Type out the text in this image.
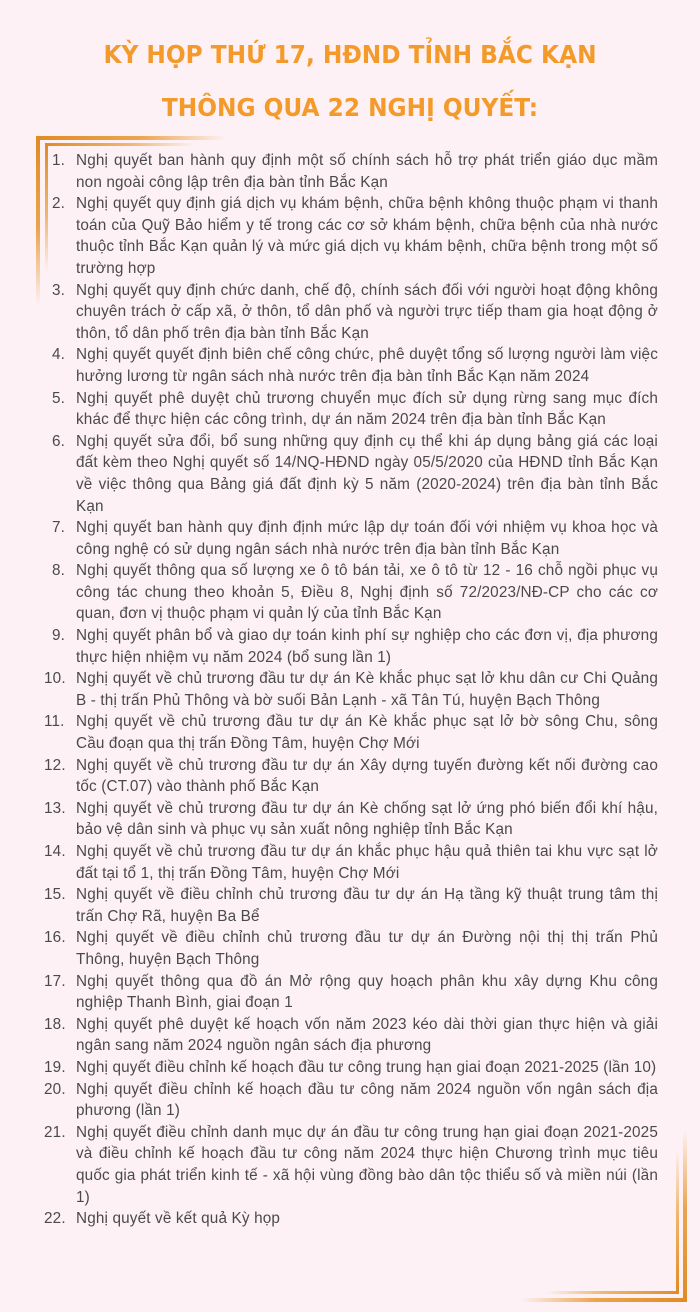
KỲ HỌP THỨ 17, HĐND TỈNH BẮC KẠN
THÔNG QUA 22 NGHỊ QUYẾT:
1. Nghị quyết ban hành quy định một số chính sách hỗ trợ phát triển giáo dục mầm non ngoài công lập trên địa bàn tỉnh Bắc Kạn
2. Nghị quyết quy định giá dịch vụ khám bệnh, chữa bệnh không thuộc phạm vi thanh toán của Quỹ Bảo hiểm y tế trong các cơ sở khám bệnh, chữa bệnh của nhà nước thuộc tỉnh Bắc Kạn quản lý và mức giá dịch vụ khám bệnh, chữa bệnh trong một số trường hợp
3. Nghị quyết quy định chức danh, chế độ, chính sách đối với người hoạt động không chuyên trách ở cấp xã, ở thôn, tổ dân phố và người trực tiếp tham gia hoạt động ở thôn, tổ dân phố trên địa bàn tỉnh Bắc Kạn
4. Nghị quyết quyết định biên chế công chức, phê duyệt tổng số lượng người làm việc hưởng lương từ ngân sách nhà nước trên địa bàn tỉnh Bắc Kạn năm 2024
5. Nghị quyết phê duyệt chủ trương chuyển mục đích sử dụng rừng sang mục đích khác để thực hiện các công trình, dự án năm 2024 trên địa bàn tỉnh Bắc Kạn
6. Nghị quyết sửa đổi, bổ sung những quy định cụ thể khi áp dụng bảng giá các loại đất kèm theo Nghị quyết số 14/NQ-HĐND ngày 05/5/2020 của HĐND tỉnh Bắc Kạn về việc thông qua Bảng giá đất định kỳ 5 năm (2020-2024) trên địa bàn tỉnh Bắc Kạn
7. Nghị quyết ban hành quy định định mức lập dự toán đối với nhiệm vụ khoa học và công nghệ có sử dụng ngân sách nhà nước trên địa bàn tỉnh Bắc Kạn
8. Nghị quyết thông qua số lượng xe ô tô bán tải, xe ô tô từ 12 - 16 chỗ ngồi phục vụ công tác chung theo khoản 5, Điều 8, Nghị định số 72/2023/NĐ-CP cho các cơ quan, đơn vị thuộc phạm vi quản lý của tỉnh Bắc Kạn
9. Nghị quyết phân bổ và giao dự toán kinh phí sự nghiệp cho các đơn vị, địa phương thực hiện nhiệm vụ năm 2024 (bổ sung lần 1)
10. Nghị quyết về chủ trương đầu tư dự án Kè khắc phục sạt lở khu dân cư Chi Quảng B - thị trấn Phủ Thông và bờ suối Bản Lạnh - xã Tân Tú, huyện Bạch Thông
11. Nghị quyết về chủ trương đầu tư dự án Kè khắc phục sạt lở bờ sông Chu, sông Cầu đoạn qua thị trấn Đồng Tâm, huyện Chợ Mới
12. Nghị quyết về chủ trương đầu tư dự án Xây dựng tuyến đường kết nối đường cao tốc (CT.07) vào thành phố Bắc Kạn
13. Nghị quyết về chủ trương đầu tư dự án Kè chống sạt lở ứng phó biến đổi khí hậu, bảo vệ dân sinh và phục vụ sản xuất nông nghiệp tỉnh Bắc Kạn
14. Nghị quyết về chủ trương đầu tư dự án khắc phục hậu quả thiên tai khu vực sạt lở đất tại tổ 1, thị trấn Đồng Tâm, huyện Chợ Mới
15. Nghị quyết về điều chỉnh chủ trương đầu tư dự án Hạ tầng kỹ thuật trung tâm thị trấn Chợ Rã, huyện Ba Bể
16. Nghị quyết về điều chỉnh chủ trương đầu tư dự án Đường nội thị thị trấn Phủ Thông, huyện Bạch Thông
17. Nghị quyết thông qua đồ án Mở rộng quy hoạch phân khu xây dựng Khu công nghiệp Thanh Bình, giai đoạn 1
18. Nghị quyết phê duyệt kế hoạch vốn năm 2023 kéo dài thời gian thực hiện và giải ngân sang năm 2024 nguồn ngân sách địa phương
19. Nghị quyết điều chỉnh kế hoạch đầu tư công trung hạn giai đoạn 2021-2025 (lần 10)
20. Nghị quyết điều chỉnh kế hoạch đầu tư công năm 2024 nguồn vốn ngân sách địa phương (lần 1)
21. Nghị quyết điều chỉnh danh mục dự án đầu tư công trung hạn giai đoạn 2021-2025 và điều chỉnh kế hoạch đầu tư công năm 2024 thực hiện Chương trình mục tiêu quốc gia phát triển kinh tế - xã hội vùng đồng bào dân tộc thiểu số và miền núi (lần 1)
22. Nghị quyết về kết quả Kỳ họp
